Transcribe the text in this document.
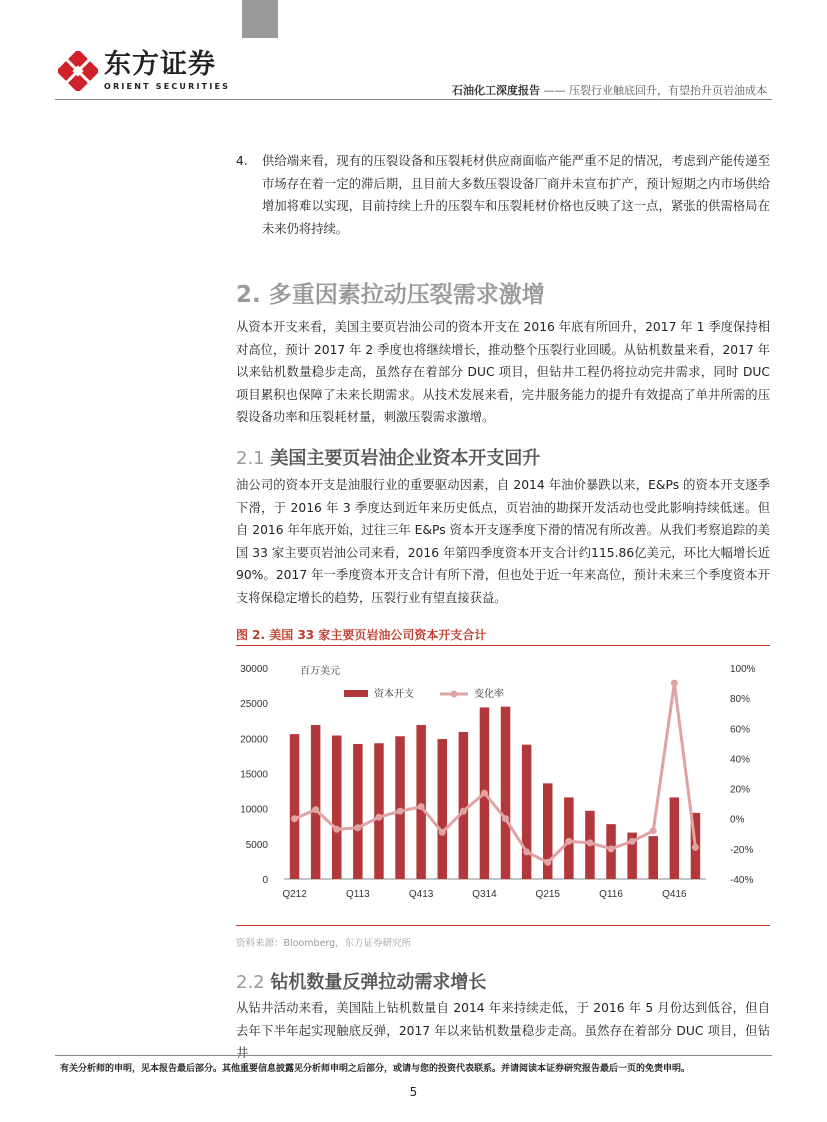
东方证券
ORIENT SECURITIES	石油化工深度报告 —— 压裂行业触底回升，有望抬升页岩油成本
4.	供给端来看，现有的压裂设备和压裂耗材供应商面临产能严重不足的情况，考虑到产能传递至市场存在着一定的滞后期，且目前大多数压裂设备厂商并未宣布扩产，预计短期之内市场供给增加将难以实现，目前持续上升的压裂车和压裂耗材价格也反映了这一点，紧张的供需格局在未来仍将持续。

2. 多重因素拉动压裂需求激增

从资本开支来看，美国主要页岩油公司的资本开支在 2016 年底有所回升，2017 年 1 季度保持相对高位，预计 2017 年 2 季度也将继续增长，推动整个压裂行业回暖。从钻机数量来看，2017 年以来钻机数量稳步走高，虽然存在着部分 DUC 项目，但钻井工程仍将拉动完井需求，同时 DUC 项目累积也保障了未来长期需求。从技术发展来看，完井服务能力的提升有效提高了单井所需的压裂设备功率和压裂耗材量，刺激压裂需求激增。

2.1 美国主要页岩油企业资本开支回升

油公司的资本开支是油服行业的重要驱动因素，自 2014 年油价暴跌以来，E&Ps 的资本开支逐季下滑，于 2016 年 3 季度达到近年来历史低点，页岩油的勘探开发活动也受此影响持续低迷。但自 2016 年年底开始，过往三年 E&Ps 资本开支逐季度下滑的情况有所改善。从我们考察追踪的美国 33 家主要页岩油公司来看，2016 年第四季度资本开支合计约115.86亿美元，环比大幅增长近90%。2017 年一季度资本开支合计有所下滑，但也处于近一年来高位，预计未来三个季度资本开支将保稳定增长的趋势，压裂行业有望直接获益。

图 2. 美国 33 家主要页岩油公司资本开支合计
0
5000
10000
15000
20000
25000
30000
-40%
-20%
0%
20%
40%
60%
80%
100%
百万美元
Q212	Q113	Q413	Q314	Q215	Q116	Q416
资本开支	变化率
资料来源：Bloomberg，东方证券研究所
2.2 钻机数量反弹拉动需求增长

从钻井活动来看，美国陆上钻机数量自 2014 年来持续走低，于 2016 年 5 月份达到低谷，但自去年下半年起实现触底反弹，2017 年以来钻机数量稳步走高。虽然存在着部分 DUC 项目，但钻井

有关分析师的申明，见本报告最后部分。其他重要信息披露见分析师申明之后部分，或请与您的投资代表联系。并请阅读本证券研究报告最后一页的免责申明。
5
